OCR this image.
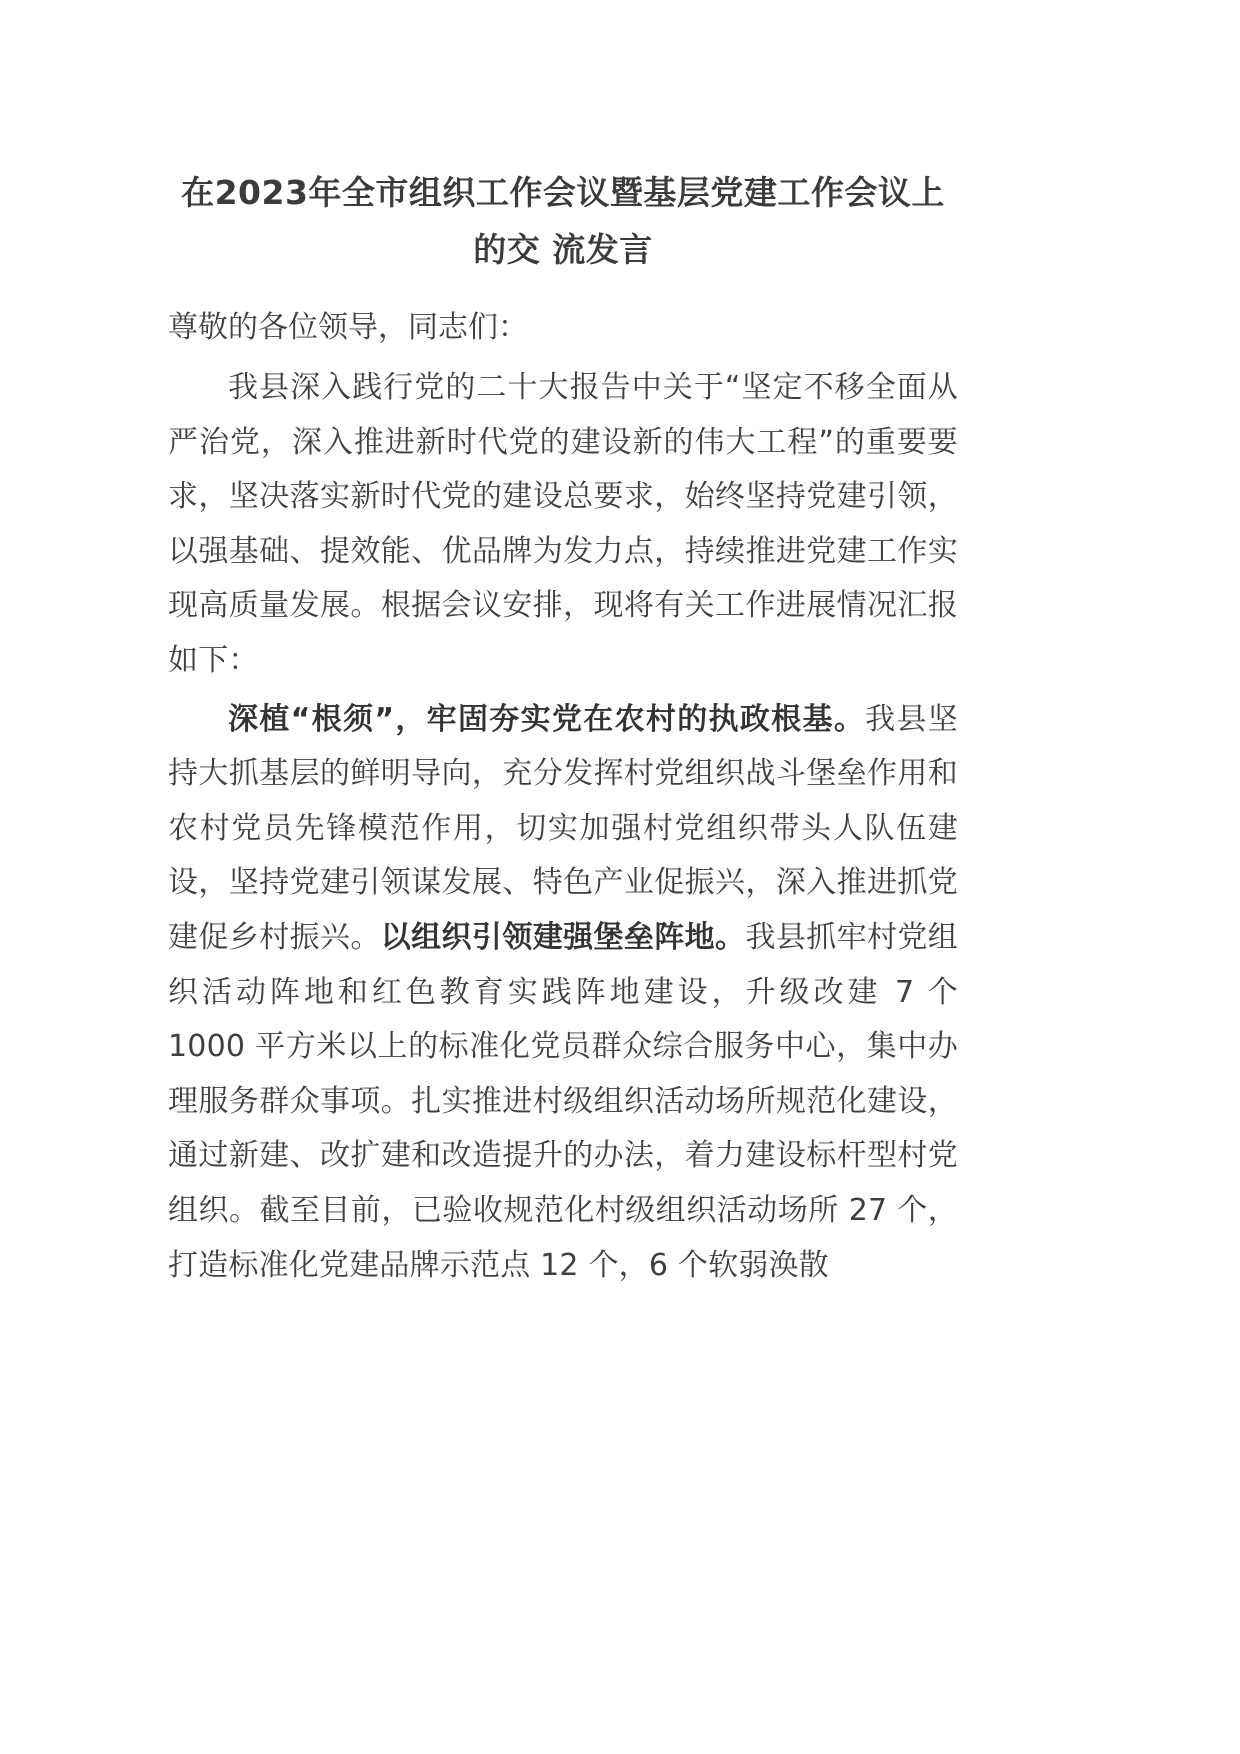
在2023年全市组织工作会议暨基层党建工作会议上的交 流发言

尊敬的各位领导，同志们：

我县深入践行党的二十大报告中关于“坚定不移全面从严治党，深入推进新时代党的建设新的伟大工程”的重要要求，坚决落实新时代党的建设总要求，始终坚持党建引领，以强基础、提效能、优品牌为发力点，持续推进党建工作实现高质量发展。根据会议安排，现将有关工作进展情况汇报如下：

深植“根须”，牢固夯实党在农村的执政根基。我县坚持大抓基层的鲜明导向，充分发挥村党组织战斗堡垒作用和农村党员先锋模范作用，切实加强村党组织带头人队伍建设，坚持党建引领谋发展、特色产业促振兴，深入推进抓党建促乡村振兴。以组织引领建强堡垒阵地。我县抓牢村党组织活动阵地和红色教育实践阵地建设，升级改建 7 个 1000 平方米以上的标准化党员群众综合服务中心，集中办理服务群众事项。扎实推进村级组织活动场所规范化建设，通过新建、改扩建和改造提升的办法，着力建设标杆型村党组织。截至目前，已验收规范化村级组织活动场所 27 个，打造标准化党建品牌示范点 12 个，6 个软弱涣散
